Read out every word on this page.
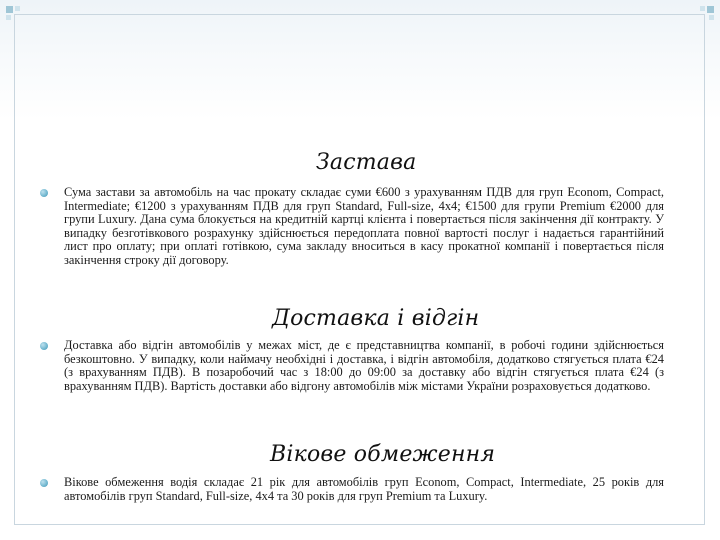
Застава
Сума застави за автомобіль на час прокату складає суми €600 з урахуванням ПДВ для груп Econom, Compact, Intermediate; €1200 з урахуванням ПДВ для груп Standard, Full-size, 4x4; €1500 для групи Premium €2000 для групи Luxury. Дана сума блокується на кредитній картці клієнта і повертається після закінчення дії контракту. У випадку безготівкового розрахунку здійснюється передоплата повної вартості послуг і надається гарантійний лист про оплату; при оплаті готівкою, сума закладу вноситься в касу прокатної компанії і повертається після закінчення строку дії договору.
Доставка і відгін
Доставка або відгін автомобілів у межах міст, де є представництва компанії, в робочі години здійснюється безкоштовно. У випадку, коли наймачу необхідні і доставка, і відгін автомобіля, додатково стягується плата €24 (з врахуванням ПДВ). В позаробочий час з 18:00 до 09:00 за доставку або відгін стягується плата €24 (з врахуванням ПДВ). Вартість доставки або відгону автомобілів між містами України розраховується додатково.
Вікове обмеження
Вікове обмеження водія складає 21 рік для автомобілів груп Econom, Compact, Intermediate, 25 років для автомобілів груп Standard, Full-size, 4x4 та 30 років для груп Premium та Luxury.
